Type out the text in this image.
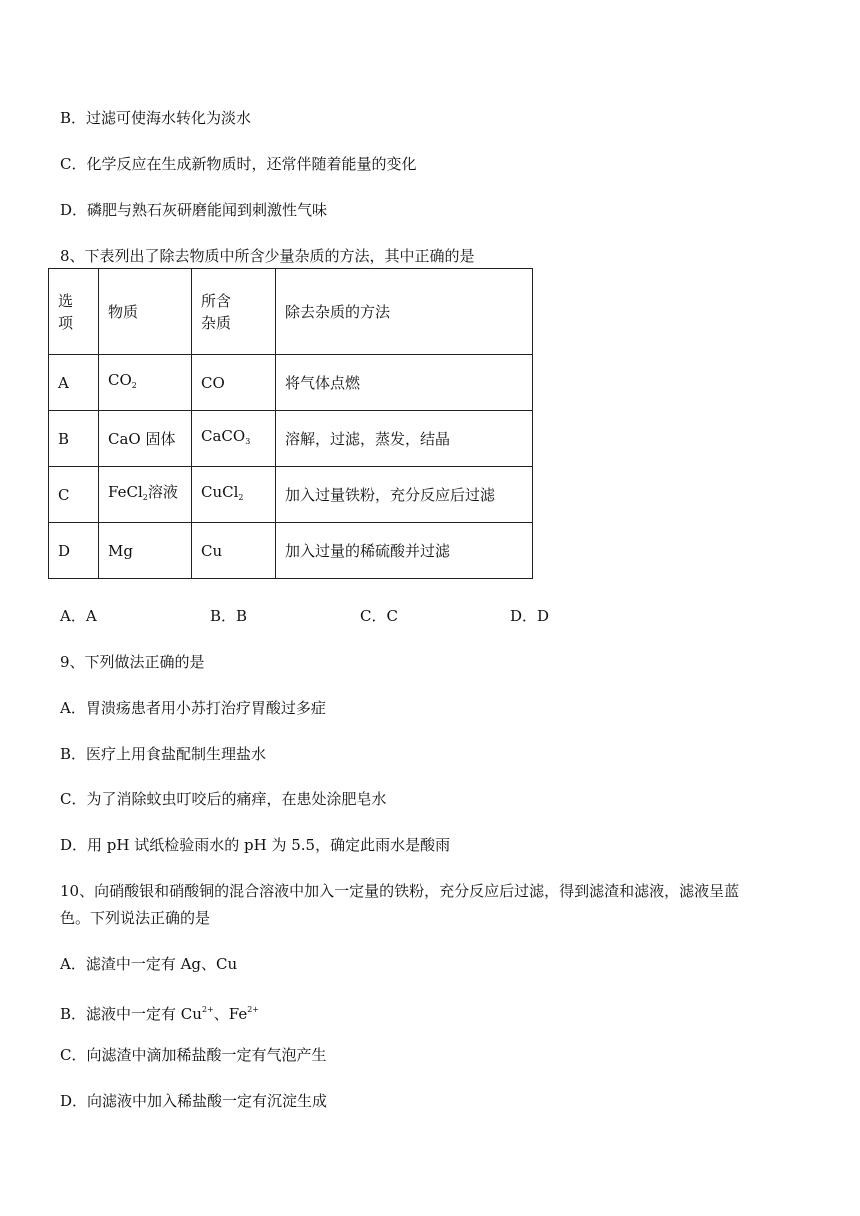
B．过滤可使海水转化为淡水
C．化学反应在生成新物质时，还常伴随着能量的变化
D．磷肥与熟石灰研磨能闻到刺激性气味
8、下表列出了除去物质中所含少量杂质的方法，其中正确的是
选项	物质	所含杂质	除去杂质的方法
A	$CO_2$	CO	将气体点燃
B	CaO 固体	CaCO$_3$	溶解，过滤，蒸发，结晶
C	FeCl$_2$溶液	CuCl$_2$	加入过量铁粉，充分反应后过滤
D	Mg	Cu	加入过量的稀硫酸并过滤
A．A	B．B	C．C	D．D
9、下列做法正确的是
A．胃溃疡患者用小苏打治疗胃酸过多症
B．医疗上用食盐配制生理盐水
C．为了消除蚊虫叮咬后的痛痒，在患处涂肥皂水
D．用 pH 试纸检验雨水的 pH 为 5.5，确定此雨水是酸雨
10、向硝酸银和硝酸铜的混合溶液中加入一定量的铁粉，充分反应后过滤，得到滤渣和滤液，滤液呈蓝
色。下列说法正确的是
A．滤渣中一定有 Ag、Cu
B．滤液中一定有 $Cu^{2+}$、$Fe^{2+}$
C．向滤渣中滴加稀盐酸一定有气泡产生
D．向滤液中加入稀盐酸一定有沉淀生成
